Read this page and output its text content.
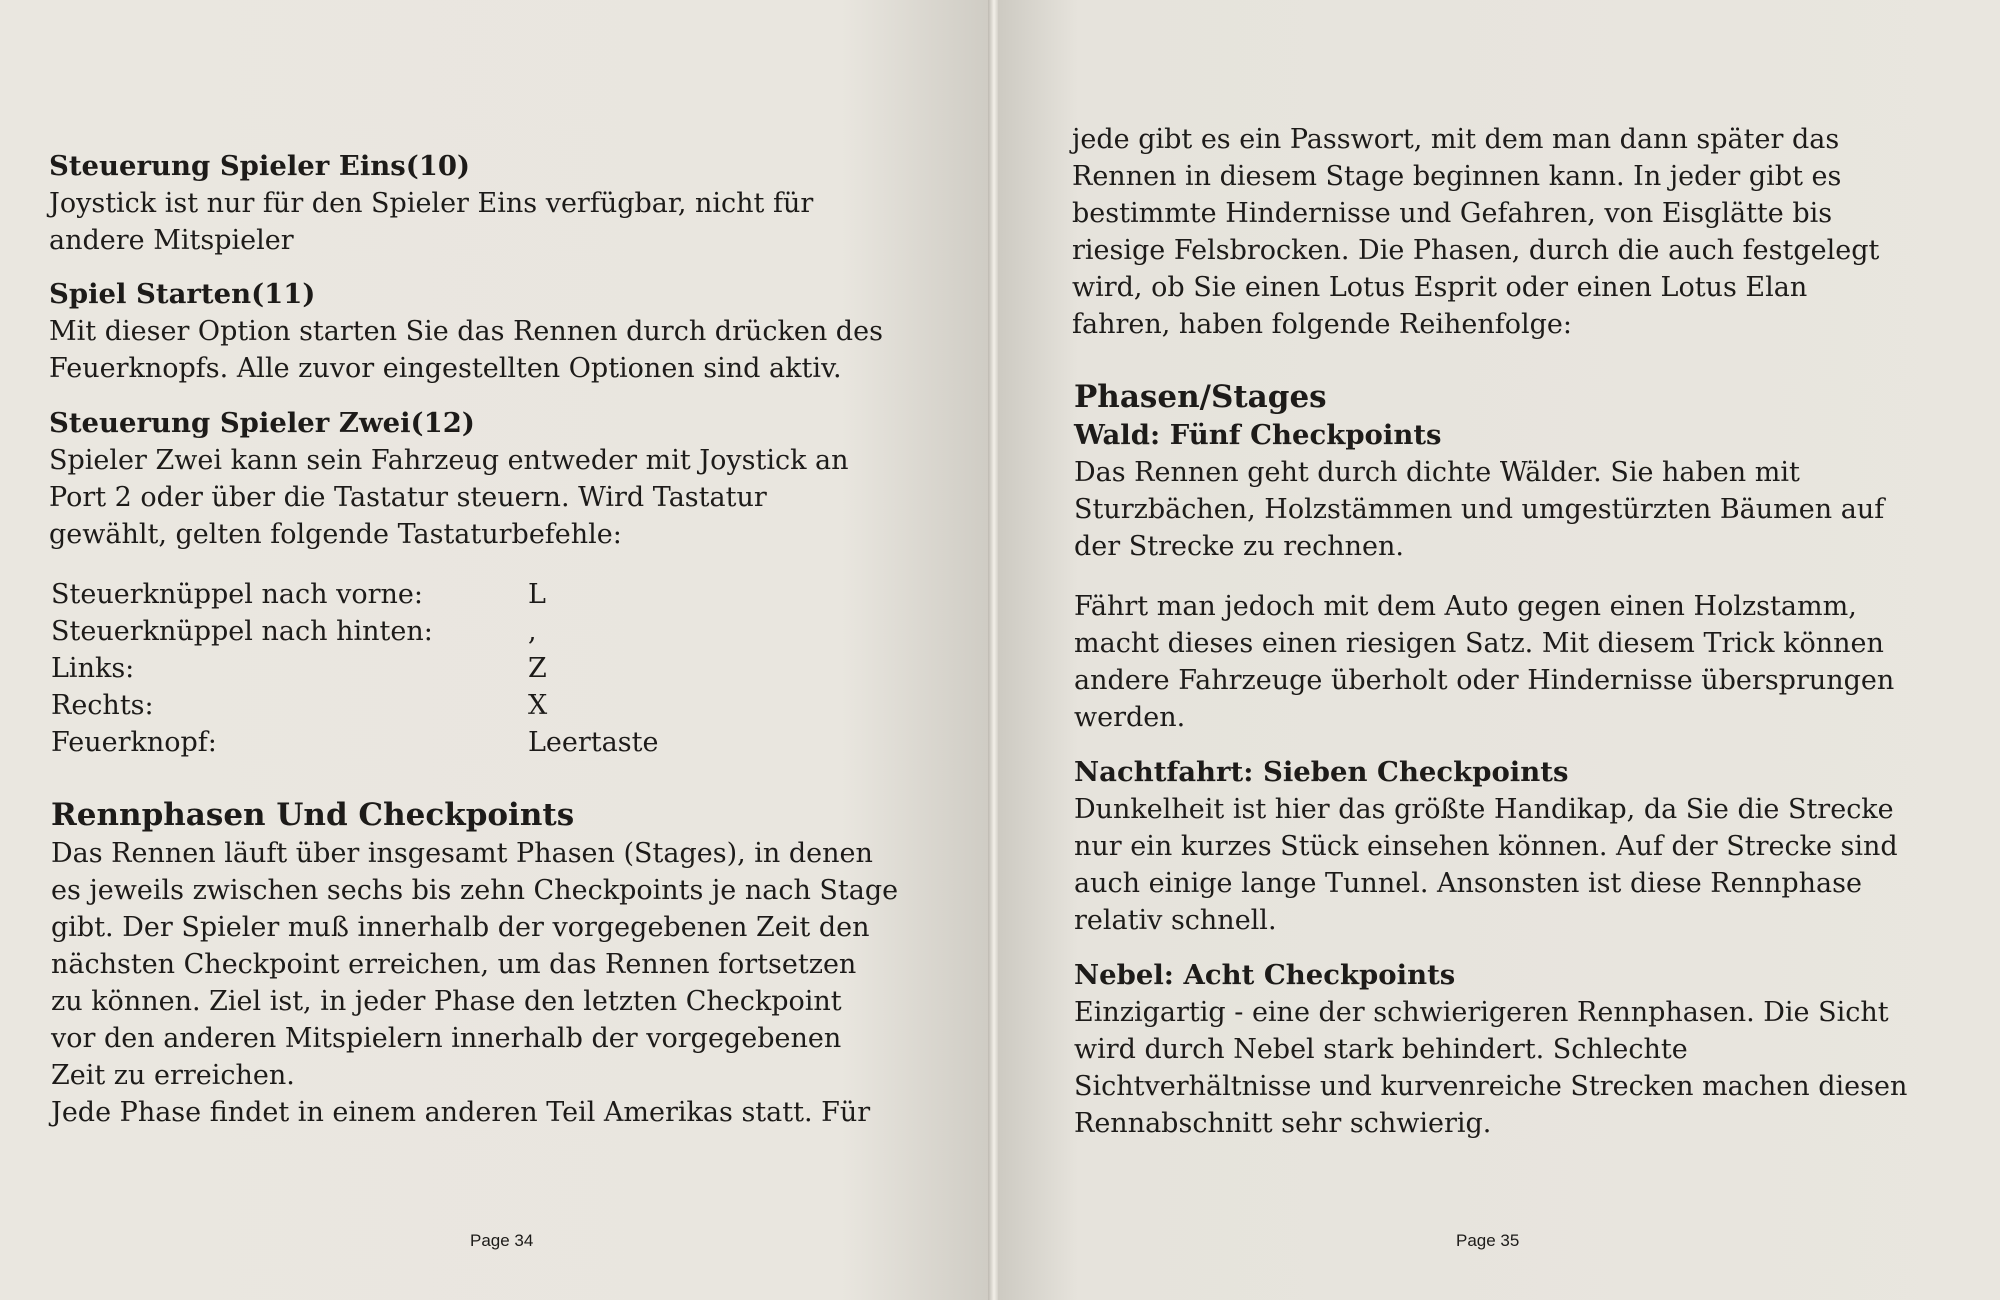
Steuerung Spieler Eins(10)
Joystick ist nur für den Spieler Eins verfügbar, nicht für
andere Mitspieler
Spiel Starten(11)
Mit dieser Option starten Sie das Rennen durch drücken des
Feuerknopfs. Alle zuvor eingestellten Optionen sind aktiv.
Steuerung Spieler Zwei(12)
Spieler Zwei kann sein Fahrzeug entweder mit Joystick an
Port 2 oder über die Tastatur steuern. Wird Tastatur
gewählt, gelten folgende Tastaturbefehle:
Steuerknüppel nach vorne:	L
Steuerknüppel nach hinten:	,
Links:	Z
Rechts:	X
Feuerknopf:	Leertaste
Rennphasen Und Checkpoints
Das Rennen läuft über insgesamt Phasen (Stages), in denen
es jeweils zwischen sechs bis zehn Checkpoints je nach Stage
gibt. Der Spieler muß innerhalb der vorgegebenen Zeit den
nächsten Checkpoint erreichen, um das Rennen fortsetzen
zu können. Ziel ist, in jeder Phase den letzten Checkpoint
vor den anderen Mitspielern innerhalb der vorgegebenen
Zeit zu erreichen.
Jede Phase findet in einem anderen Teil Amerikas statt. Für
Page 34
jede gibt es ein Passwort, mit dem man dann später das
Rennen in diesem Stage beginnen kann. In jeder gibt es
bestimmte Hindernisse und Gefahren, von Eisglätte bis
riesige Felsbrocken. Die Phasen, durch die auch festgelegt
wird, ob Sie einen Lotus Esprit oder einen Lotus Elan
fahren, haben folgende Reihenfolge:
Phasen/Stages
Wald: Fünf Checkpoints
Das Rennen geht durch dichte Wälder. Sie haben mit
Sturzbächen, Holzstämmen und umgestürzten Bäumen auf
der Strecke zu rechnen.
Fährt man jedoch mit dem Auto gegen einen Holzstamm,
macht dieses einen riesigen Satz. Mit diesem Trick können
andere Fahrzeuge überholt oder Hindernisse übersprungen
werden.
Nachtfahrt: Sieben Checkpoints
Dunkelheit ist hier das größte Handikap, da Sie die Strecke
nur ein kurzes Stück einsehen können. Auf der Strecke sind
auch einige lange Tunnel. Ansonsten ist diese Rennphase
relativ schnell.
Nebel: Acht Checkpoints
Einzigartig - eine der schwierigeren Rennphasen. Die Sicht
wird durch Nebel stark behindert. Schlechte
Sichtverhältnisse und kurvenreiche Strecken machen diesen
Rennabschnitt sehr schwierig.
Page 35
